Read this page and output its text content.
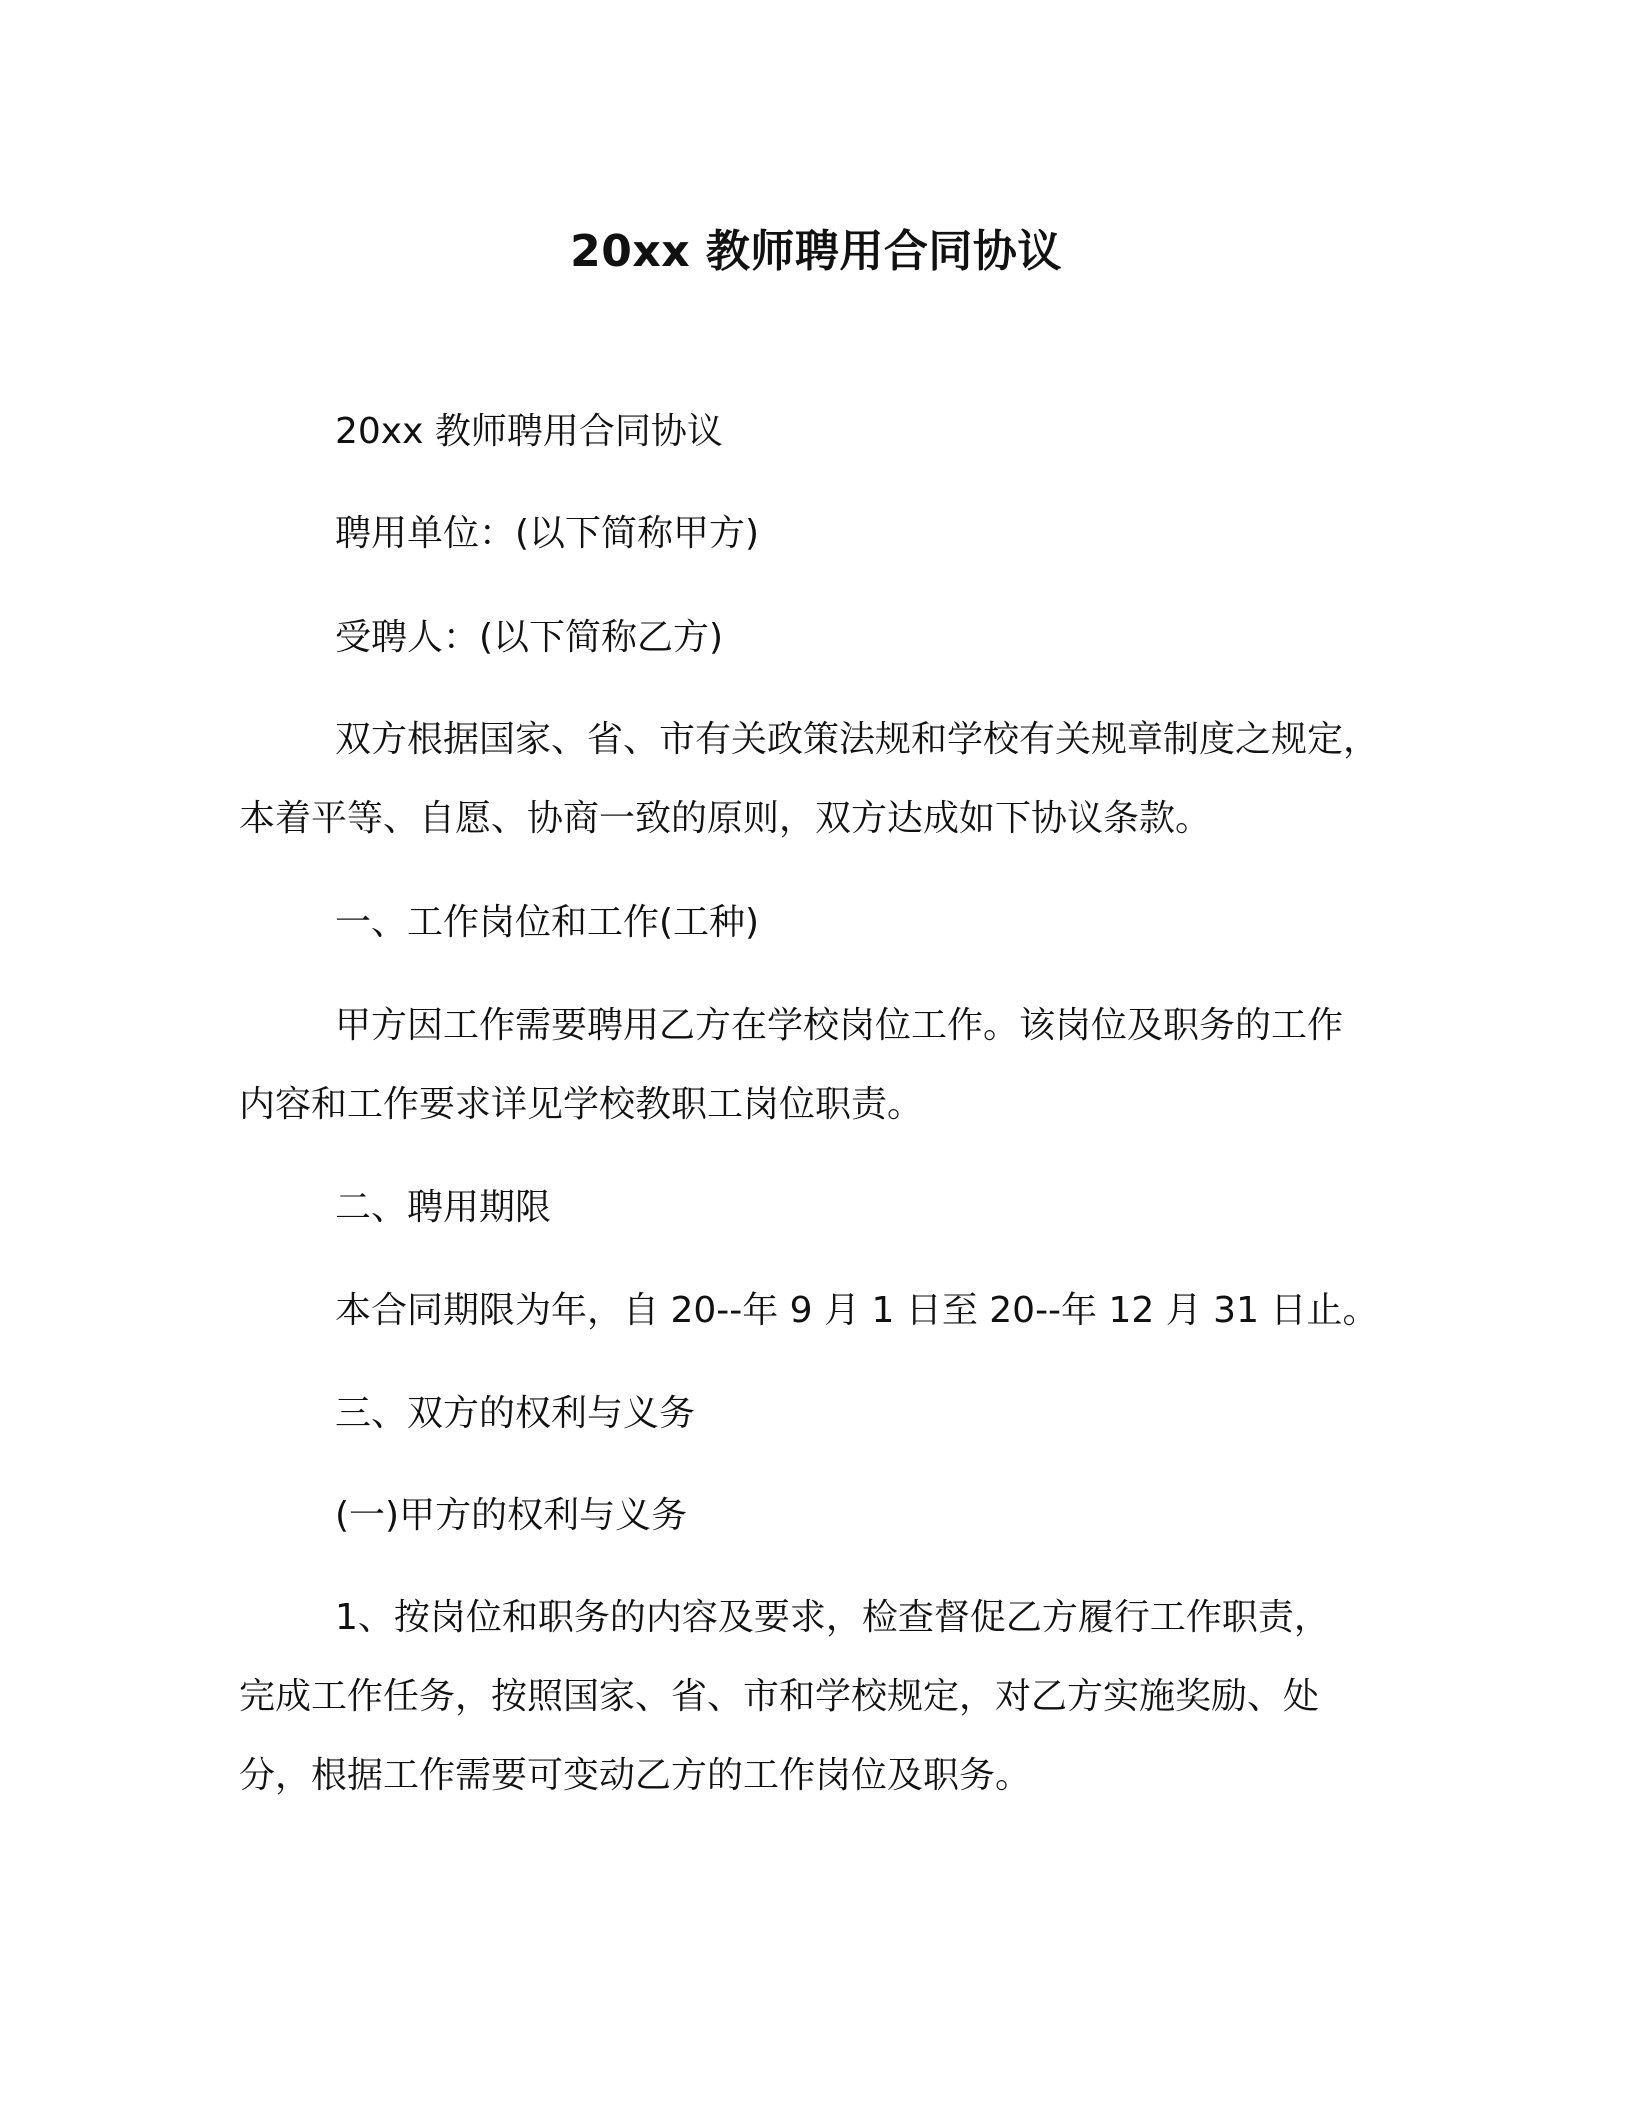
20xx 教师聘用合同协议
20xx 教师聘用合同协议
聘用单位：(以下简称甲方)
受聘人：(以下简称乙方)
双方根据国家、省、市有关政策法规和学校有关规章制度之规定，
本着平等、自愿、协商一致的原则，双方达成如下协议条款。
一、工作岗位和工作(工种)
甲方因工作需要聘用乙方在学校岗位工作。该岗位及职务的工作
内容和工作要求详见学校教职工岗位职责。
二、聘用期限
本合同期限为年，自 20--年 9 月 1 日至 20--年 12 月 31 日止。
三、双方的权利与义务
(一)甲方的权利与义务
1、按岗位和职务的内容及要求，检查督促乙方履行工作职责，
完成工作任务，按照国家、省、市和学校规定，对乙方实施奖励、处
分，根据工作需要可变动乙方的工作岗位及职务。
